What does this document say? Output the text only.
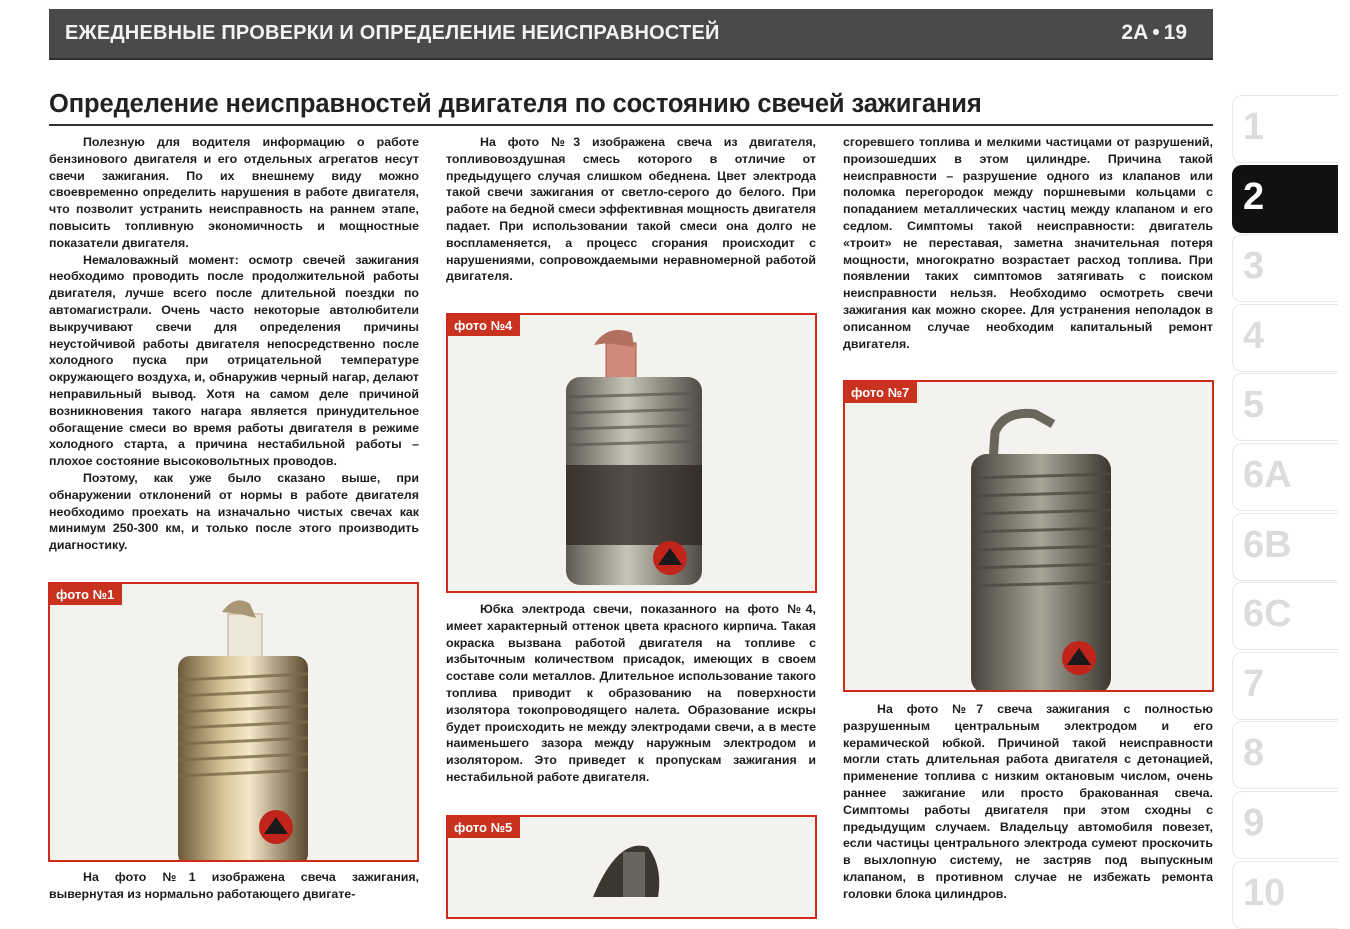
ЕЖЕДНЕВНЫЕ ПРОВЕРКИ И ОПРЕДЕЛЕНИЕ НЕИСПРАВНОСТЕЙ	2A • 19
Определение неисправностей двигателя по состоянию свечей зажигания

Полезную для водителя информацию о работе бензинового двигателя и его отдельных агрегатов несут свечи зажигания. По их внешнему виду можно своевременно определить нарушения в работе двигателя, что позволит устранить неисправность на раннем этапе, повысить топливную экономичность и мощностные показатели двигателя.

Немаловажный момент: осмотр свечей зажигания необходимо проводить после продолжительной работы двигателя, лучше всего после длительной поездки по автомагистрали. Очень часто некоторые автолюбители выкручивают свечи для определения причины неустойчивой работы двигателя непосредственно после холодного пуска при отрицательной температуре окружающего воздуха, и, обнаружив черный нагар, делают неправильный вывод. Хотя на самом деле причиной возникновения такого нагара является принудительное обогащение смеси во время работы двигателя в режиме холодного старта, а причина нестабильной работы – плохое состояние высоковольтных проводов.

Поэтому, как уже было сказано выше, при обнаружении отклонений от нормы в работе двигателя необходимо проехать на изначально чистых свечах как минимум 250-300 км, и только после этого производить диагностику.

фото №1

На фото №1 изображена свеча зажигания, вывернутая из нормально работающего двигате-

На фото №3 изображена свеча из двигателя, топливовоздушная смесь которого в отличие от предыдущего случая слишком обеднена. Цвет электрода такой свечи зажигания от светло-серого до белого. При работе на бедной смеси эффективная мощность двигателя падает. При использовании такой смеси она долго не воспламеняется, а процесс сгорания происходит с нарушениями, сопровождаемыми неравномерной работой двигателя.

фото №4

Юбка электрода свечи, показанного на фото №4, имеет характерный оттенок цвета красного кирпича. Такая окраска вызвана работой двигателя на топливе с избыточным количеством присадок, имеющих в своем составе соли металлов. Длительное использование такого топлива приводит к образованию на поверхности изолятора токопроводящего налета. Образование искры будет происходить не между электродами свечи, а в месте наименьшего зазора между наружным электродом и изолятором. Это приведет к пропускам зажигания и нестабильной работе двигателя.

фото №5

сгоревшего топлива и мелкими частицами от разрушений, произошедших в этом цилиндре. Причина такой неисправности – разрушение одного из клапанов или поломка перегородок между поршневыми кольцами с попаданием металлических частиц между клапаном и его седлом. Симптомы такой неисправности: двигатель «троит» не переставая, заметна значительная потеря мощности, многократно возрастает расход топлива. При появлении таких симптомов затягивать с поиском неисправности нельзя. Необходимо осмотреть свечи зажигания как можно скорее. Для устранения неполадок в описанном случае необходим капитальный ремонт двигателя.

фото №7

На фото №7 свеча зажигания с полностью разрушенным центральным электродом и его керамической юбкой. Причиной такой неисправности могли стать длительная работа двигателя с детонацией, применение топлива с низким октановым числом, очень раннее зажигание или просто бракованная свеча. Симптомы работы двигателя при этом сходны с предыдущим случаем. Владельцу автомобиля повезет, если частицы центрального электрода сумеют проскочить в выхлопную систему, не застряв под выпускным клапаном, в противном случае не избежать ремонта головки блока цилиндров.

1
2
3
4
5
6A
6B
6C
7
8
9
10
